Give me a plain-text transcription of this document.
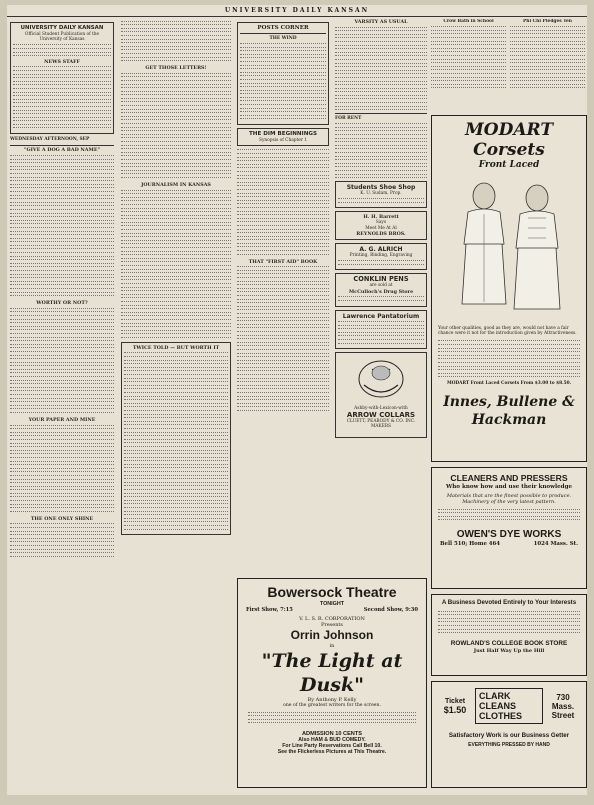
UNIVERSITY DAILY KANSAN
UNIVERSITY DAILY KANSAN
Official Student Publication of the University of Kansas
NEWS STAFF
WEDNESDAY AFTERNOON, SEP
"GIVE A DOG A BAD NAME"
WORTHY OR NOT?
YOUR PAPER AND MINE
THE ONE ONLY SHINE
GET THOSE LETTERS!
JOURNALISM IN KANSAS
TWICE TOLD — BUT WORTH IT
POSTS CORNER
THE WIND
THE DIM BEGINNINGS
Synopsis of Chapter 1
THAT "FIRST AID" BOOK
VARSITY AS USUAL
FOR RENT
Students Shoe Shop
K. U. Sudam, Prop.
H. H. Barrett
Says
Meet Me At Al
REYNOLDS BROS.
A. G. ALRICH
Printing, Binding, Engraving
CONKLIN PENS
are sold at
McCulloch's Drug Store
Lawrence Pantatorium
Ashby-with-Lexicon-with
ARROW COLLARS
CLUETT, PEABODY & CO. INC. MAKERS
Crow Bath in School	Phi Chi Pledges Ten
MODART Corsets
Front Laced
Your other qualities, good as they are, would not have a fair chance were it not for the introduction given by Attractiveness.
MODART Front Laced Corsets From $3.00 to $8.50.
Innes, Bullene & Hackman
Bowersock Theatre
TONIGHT
First Show, 7:15	Second Show, 9:30
V. L. S. R. CORPORATION
Presents
Orrin Johnson
in
"The Light at Dusk"
By Anthony P. Kelly
one of the greatest writers for the screen.
ADMISSION 10 CENTS
Also HAM & BUD COMEDY.
For Line Party Reservations Call Bell 10.
See the Flickerless Pictures at This Theatre.
CLEANERS AND PRESSERS
Who know how and use their knowledge
Materials that are the finest possible to produce.
Machinery of the very latest pattern.
OWEN'S DYE WORKS
Bell 510; Home 464	1024 Mass. St.
A Business Devoted Entirely to Your Interests
ROWLAND'S COLLEGE BOOK STORE
Just Half Way Up the Hill
Ticket
$1.50
CLARK
CLEANS
CLOTHES
730
Mass.
Street
Satisfactory Work is our Business Getter
EVERYTHING PRESSED BY HAND
